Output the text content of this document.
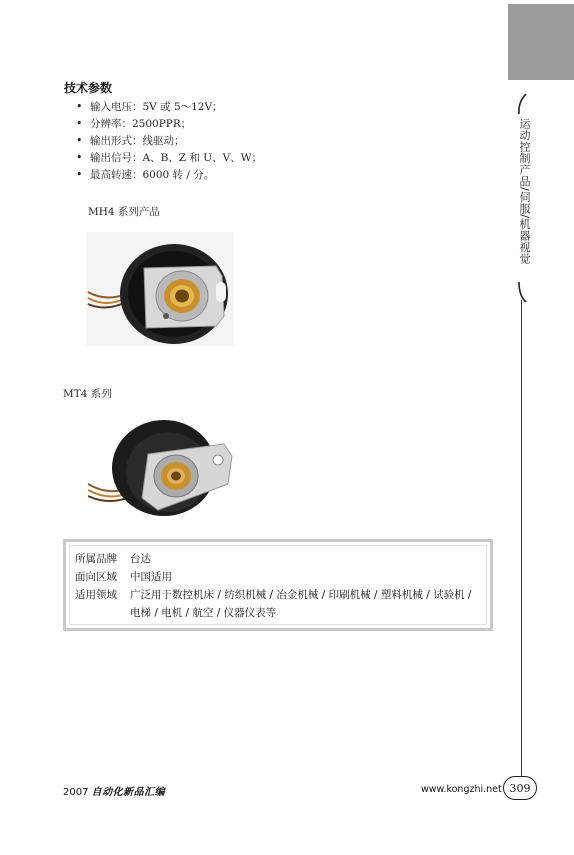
运动控制产品/伺服/机器视觉
技术参数
• 输入电压：5V 或 5～12V；
• 分辨率：2500PPR；
• 输出形式：线驱动；
• 输出信号：A、B、Z 和 U、V、W；
• 最高转速：6000 转 / 分。
MH4 系列产品
MT4 系列
所属品牌 台达
面向区域 中国适用
适用领域 广泛用于数控机床 / 纺织机械 / 冶金机械 / 印刷机械 / 塑料机械 / 试验机 /
电梯 / 电机 / 航空 / 仪器仪表等
2007 自动化新品汇编	www.kongzhi.net 309
